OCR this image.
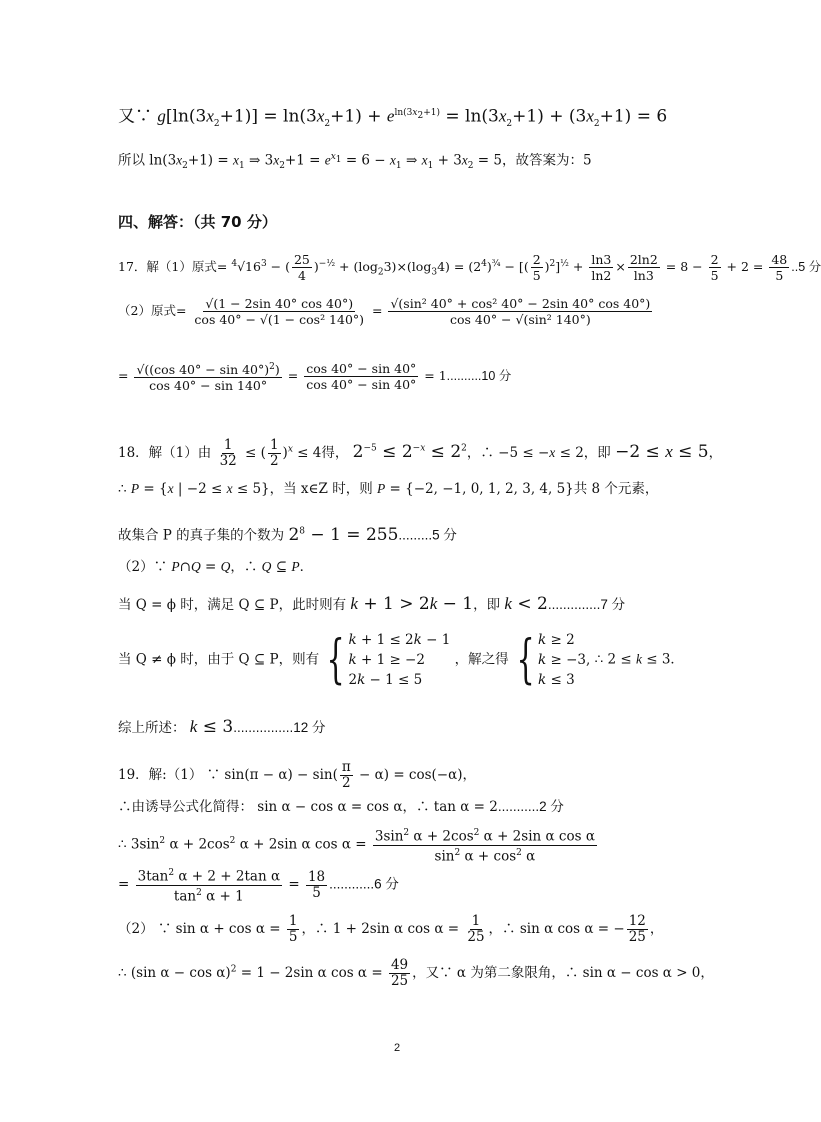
又∵ $g[\ln(3x_2+1)] = \ln(3x_2+1) + e^{ln(3x_2+1)} = \ln(3x_2+1) + (3x_2+1) = 6$
所以 $\ln(3x_2+1) = x_1$ ⇒ $3x_2+1 = e^{x_1} = 6 - x_1$ ⇒ $x_1 + 3x_2 = 5$，故答案为：5
四、解答：（共 70 分）
17．解（1）原式= $^4√16^3$ − ( $\frac{25}{4} )^{-\frac{1}{2}} + (\log_23)\times(\log_34) = (2^4)^{\frac{3}{4}}$ − [( $\frac{2}{5} )^2]^{\frac{1}{2}} + \frac{\ln 3}{\ln 2} \times \frac{2\ln 2}{\ln 3} = 8 - \frac{2}{5} + 2 = \frac{48}{5} ..5$ 分
（2）原式= $\frac{√(1 - 2\sin 40^\circ \cos 40^\circ)}{\text{cos 40° − √(1 − cos² 140°)}} = \frac{\text{√(sin² 40° + cos² 40° − 2sin 40° cos 40°)}}{\text{cos 40° − √(sin² 140°)}}$
= $\frac{√((\cos 40^\circ - \sin 40^\circ)^2)}{\cos 40^\circ - \sin 140^\circ} = \frac{\cos 40^\circ - \sin 40^\circ}{\cos 40^\circ - \sin 40^\circ} = 1..........10$ 分
18．解（1）由 $\frac{1}{32}$ ≤ ( $\frac{1}{2} )^x \le 4$得， $2^{-5} \le 2^{-x} \le 2^2$，∴ −5 ≤ −x ≤ 2，即 −2 ≤ x ≤ 5，
∴ P = {x | −2 ≤ x ≤ 5}，当 x∈Z 时，则 P = {−2, −1, 0, 1, 2, 3, 4, 5}共 8 个元素，
故集合 P 的真子集的个数为 $2^8 - 1 = 255.........5$ 分
（2）∵ P∩Q = Q，∴ Q ⊆ P．
当 Q = ϕ 时，满足 Q ⊆ P，此时则有 k + 1 > 2k − 1，即 k < 2..............7 分
当 Q ≠ ϕ 时，由于 Q ⊆ P，则有 { k + 1 ≤ 2k − 1
k + 1 ≥ −2
2k − 1 ≤ 5
，解之得 { k ≥ 2
k ≥ −3,
k ≤ 3
∴ 2 ≤ k ≤ 3．
综上所述： k ≤ 3................12 分
19．解:（1） ∵ $\sin(\pi - \alpha) - \sin( \frac{\pi}{2} - \alpha) = \cos(-\alpha)$，
∴由诱导公式化简得： sin α − cos α = cos α，∴ tan α = 2...........2 分
∴ $3\sin^2$ $\alpha + 2\cos^2$ α + 2sin α $\cos \alpha = \frac{3\sin^2 \alpha + 2\cos^2 \alpha + 2\sin \alpha \cos \alpha}{\sin^2 \alpha + \cos^2 \alpha}$
= $\frac{3\tan^2 \alpha + 2 + 2\tan \alpha}{\tan^2 \alpha + 1} = \frac{18}{5} ............6$ 分
（2） ∵ $\sin \alpha + \cos \alpha = \frac{1}{5}$ ，∴ 1 + 2sin α $\cos \alpha = \frac{1}{25}$ ，∴ sin α cos α = − $\frac{12}{25}$ ，
∴ (sin α − cos α)$^2$ = 1 − 2sin α $\cos \alpha = \frac{49}{25}$ ，又∵ α 为第二象限角，∴ sin α − cos α > 0，
2
